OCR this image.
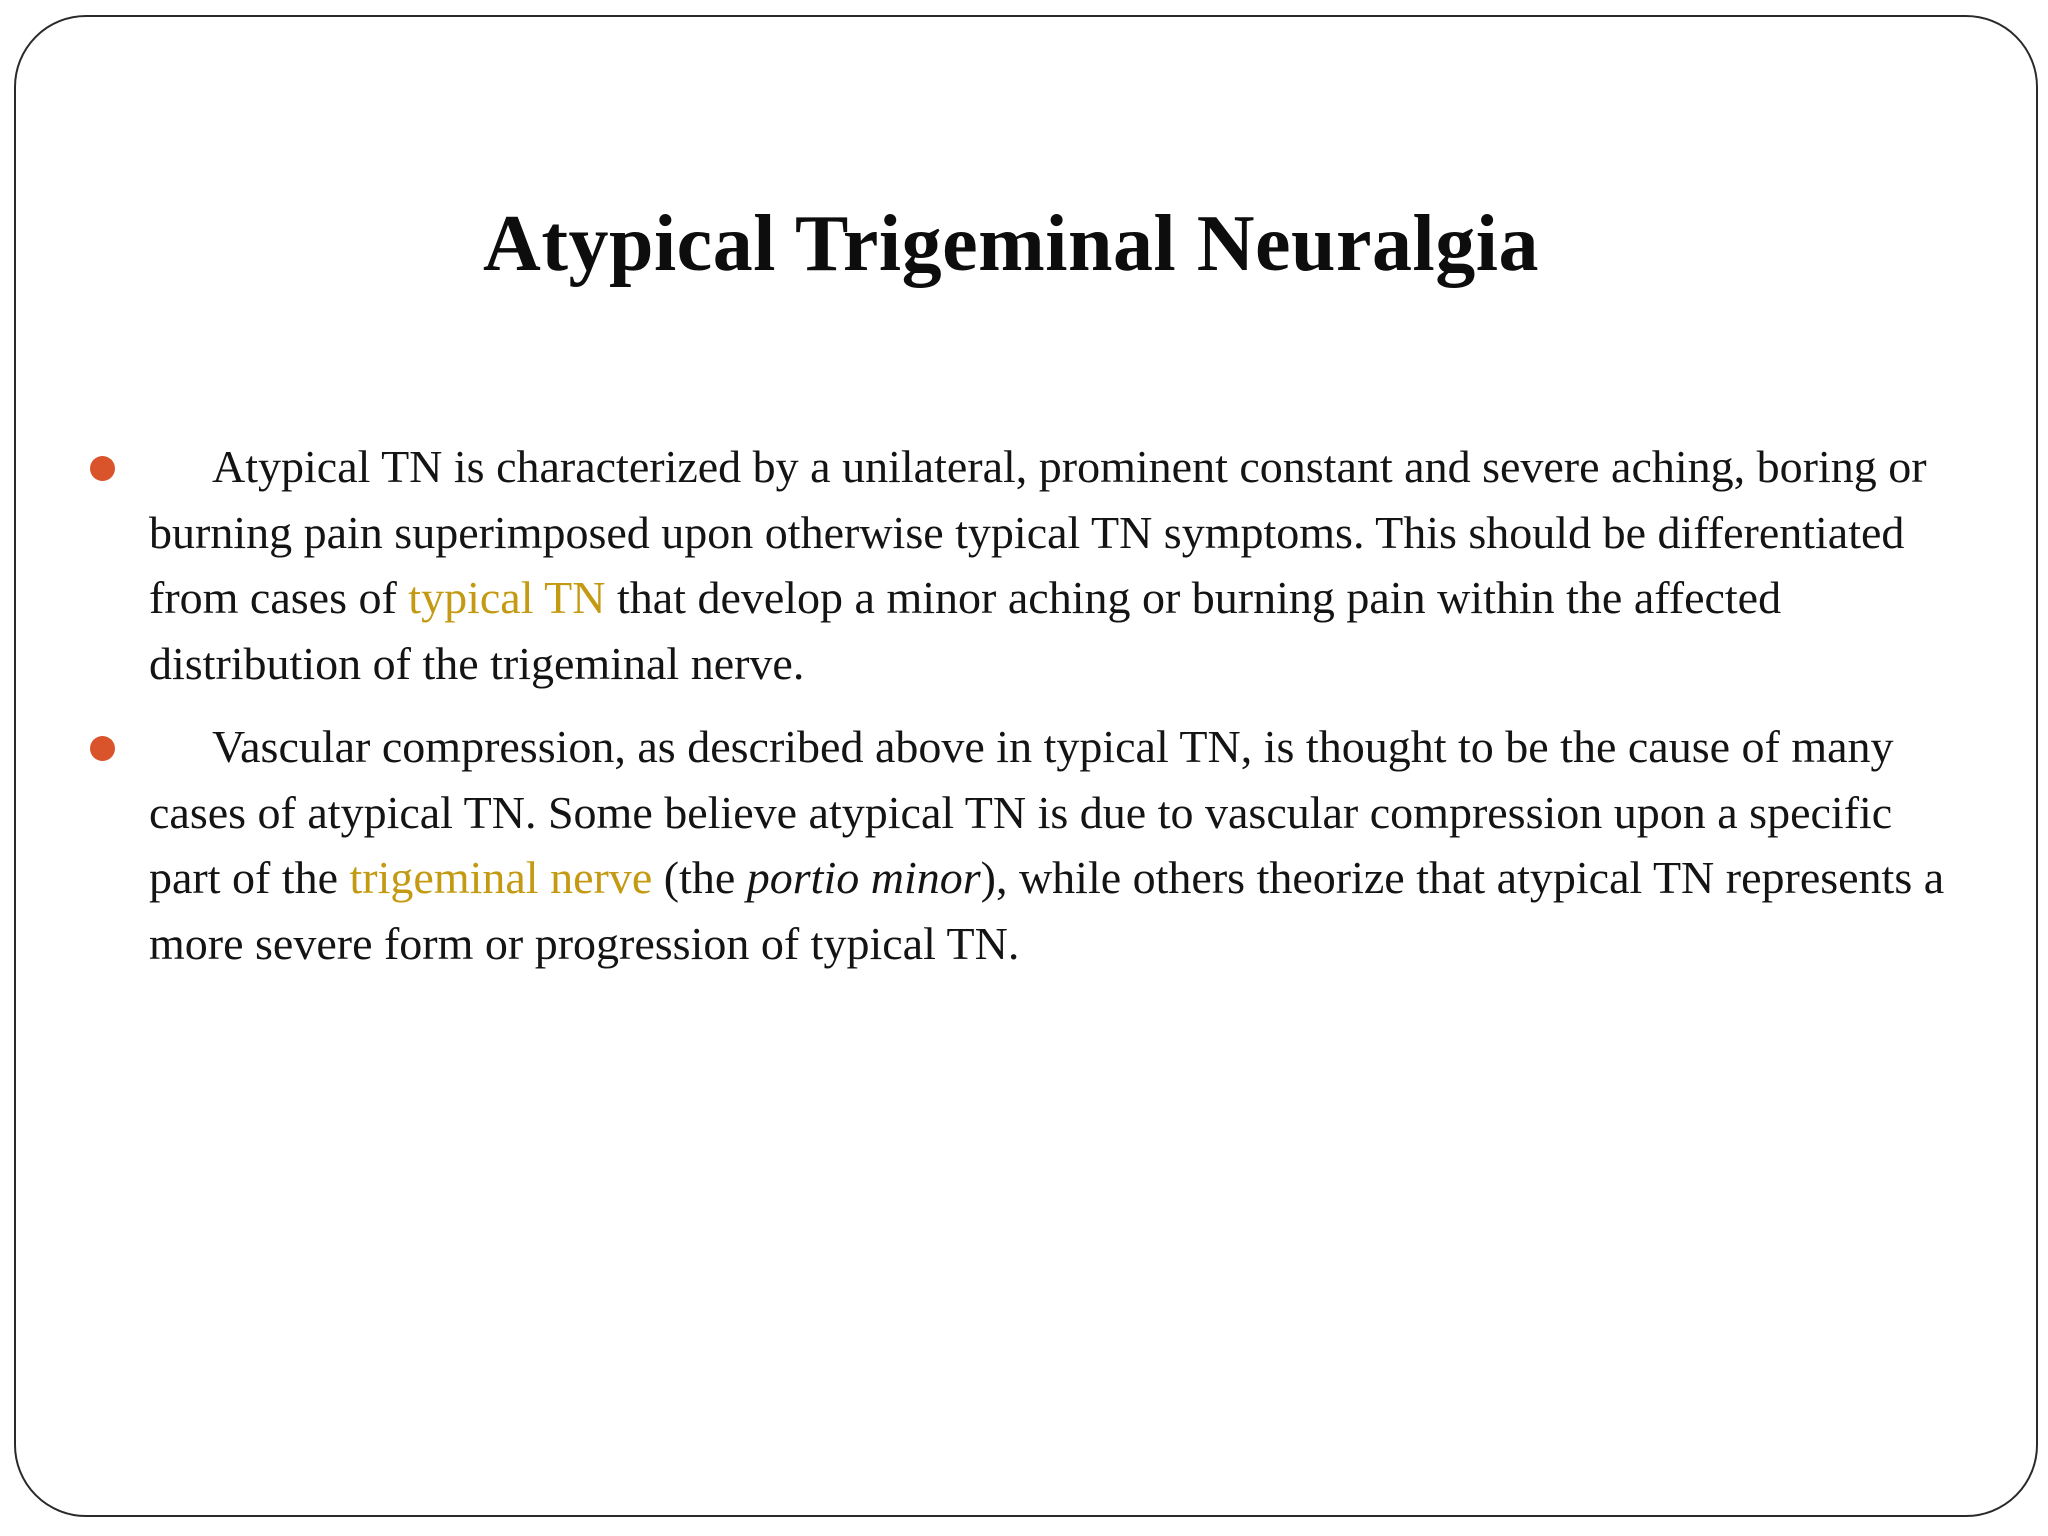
Atypical Trigeminal Neuralgia
Atypical TN is characterized by a unilateral, prominent constant and severe aching, boring or burning pain superimposed upon otherwise typical TN symptoms. This should be differentiated from cases of typical TN that develop a minor aching or burning pain within the affected distribution of the trigeminal nerve.
Vascular compression, as described above in typical TN, is thought to be the cause of many cases of atypical TN. Some believe atypical TN is due to vascular compression upon a specific part of the trigeminal nerve (the portio minor), while others theorize that atypical TN represents a more severe form or progression of typical TN.
